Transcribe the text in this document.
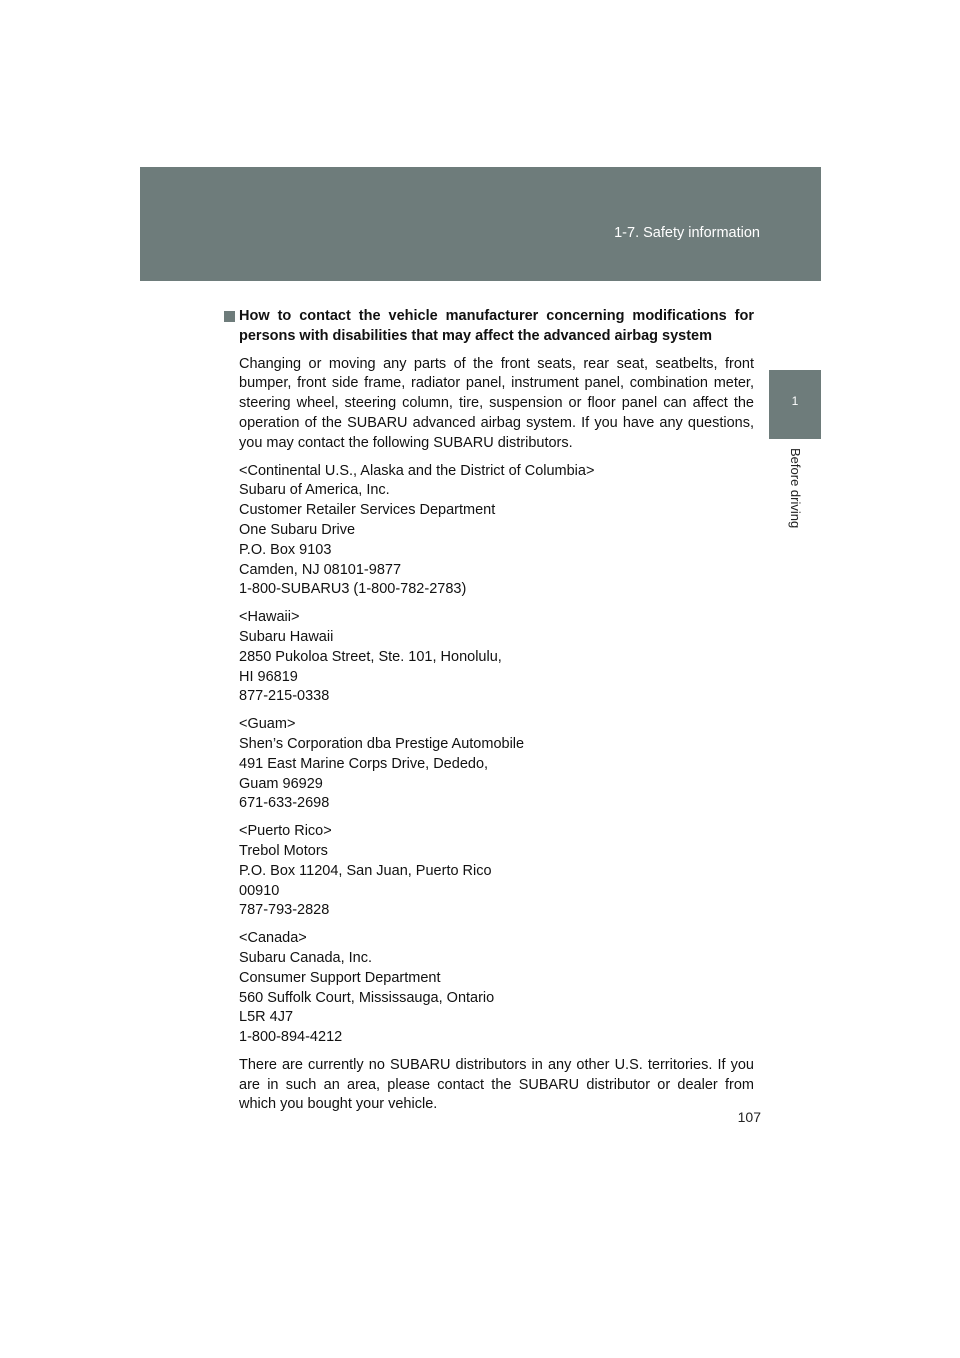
1-7. Safety information
1
Before driving
How to contact the vehicle manufacturer concerning modifications for persons with disabilities that may affect the advanced airbag system

Changing or moving any parts of the front seats, rear seat, seatbelts, front bumper, front side frame, radiator panel, instrument panel, combination meter, steering wheel, steering column, tire, suspension or floor panel can affect the operation of the SUBARU advanced airbag system. If you have any questions, you may contact the following SUBARU distributors.

<Continental U.S., Alaska and the District of Columbia>
Subaru of America, Inc.
Customer Retailer Services Department
One Subaru Drive
P.O. Box 9103
Camden, NJ 08101-9877
1-800-SUBARU3 (1-800-782-2783)
<Hawaii>
Subaru Hawaii
2850 Pukoloa Street, Ste. 101, Honolulu,
HI 96819
877-215-0338
<Guam>
Shen’s Corporation dba Prestige Automobile
491 East Marine Corps Drive, Dededo,
Guam 96929
671-633-2698
<Puerto Rico>
Trebol Motors
P.O. Box 11204, San Juan, Puerto Rico
00910
787-793-2828
<Canada>
Subaru Canada, Inc.
Consumer Support Department
560 Suffolk Court, Mississauga, Ontario
L5R 4J7
1-800-894-4212

There are currently no SUBARU distributors in any other U.S. territories. If you are in such an area, please contact the SUBARU distributor or dealer from which you bought your vehicle.

107
